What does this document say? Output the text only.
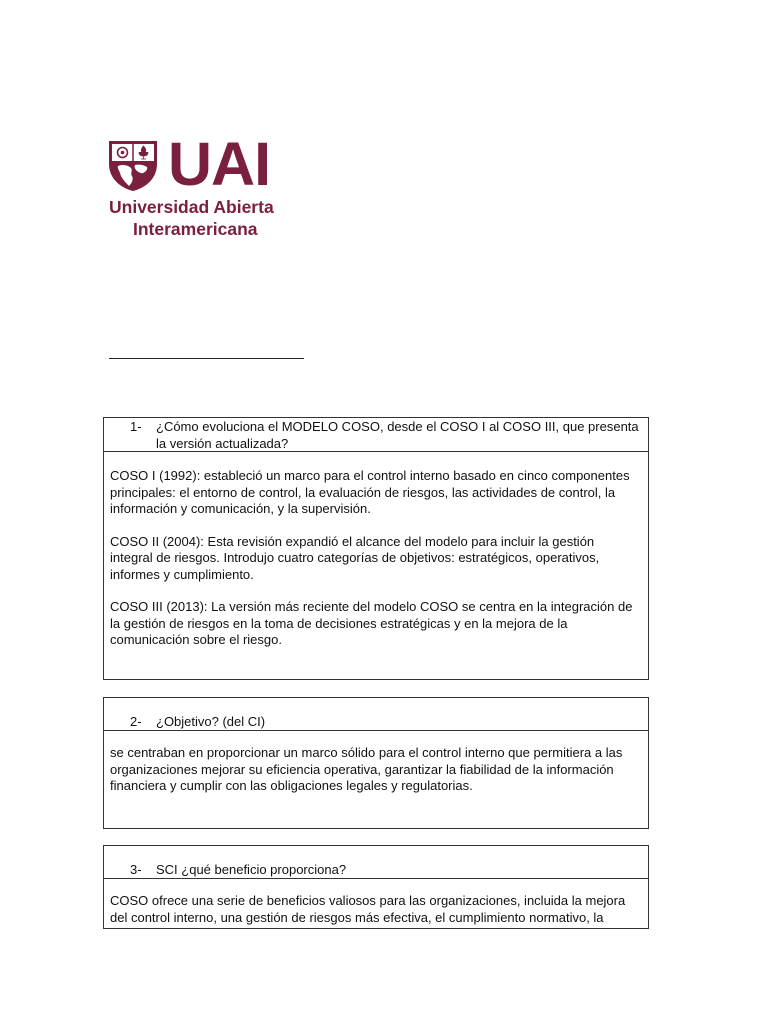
UAI
Universidad Abierta
Interamericana
1-	¿Cómo evoluciona el MODELO COSO, desde el COSO I al COSO III, que presenta la versión actualizada?

COSO I (1992): estableció un marco para el control interno basado en cinco componentes principales: el entorno de control, la evaluación de riesgos, las actividades de control, la información y comunicación, y la supervisión.

COSO II (2004): Esta revisión expandió el alcance del modelo para incluir la gestión integral de riesgos. Introdujo cuatro categorías de objetivos: estratégicos, operativos, informes y cumplimiento.

COSO III (2013): La versión más reciente del modelo COSO se centra en la integración de la gestión de riesgos en la toma de decisiones estratégicas y en la mejora de la comunicación sobre el riesgo.

2-	¿Objetivo? (del CI)

se centraban en proporcionar un marco sólido para el control interno que permitiera a las organizaciones mejorar su eficiencia operativa, garantizar la fiabilidad de la información financiera y cumplir con las obligaciones legales y regulatorias.

3-	SCI ¿qué beneficio proporciona?

COSO ofrece una serie de beneficios valiosos para las organizaciones, incluida la mejora del control interno, una gestión de riesgos más efectiva, el cumplimiento normativo, la
